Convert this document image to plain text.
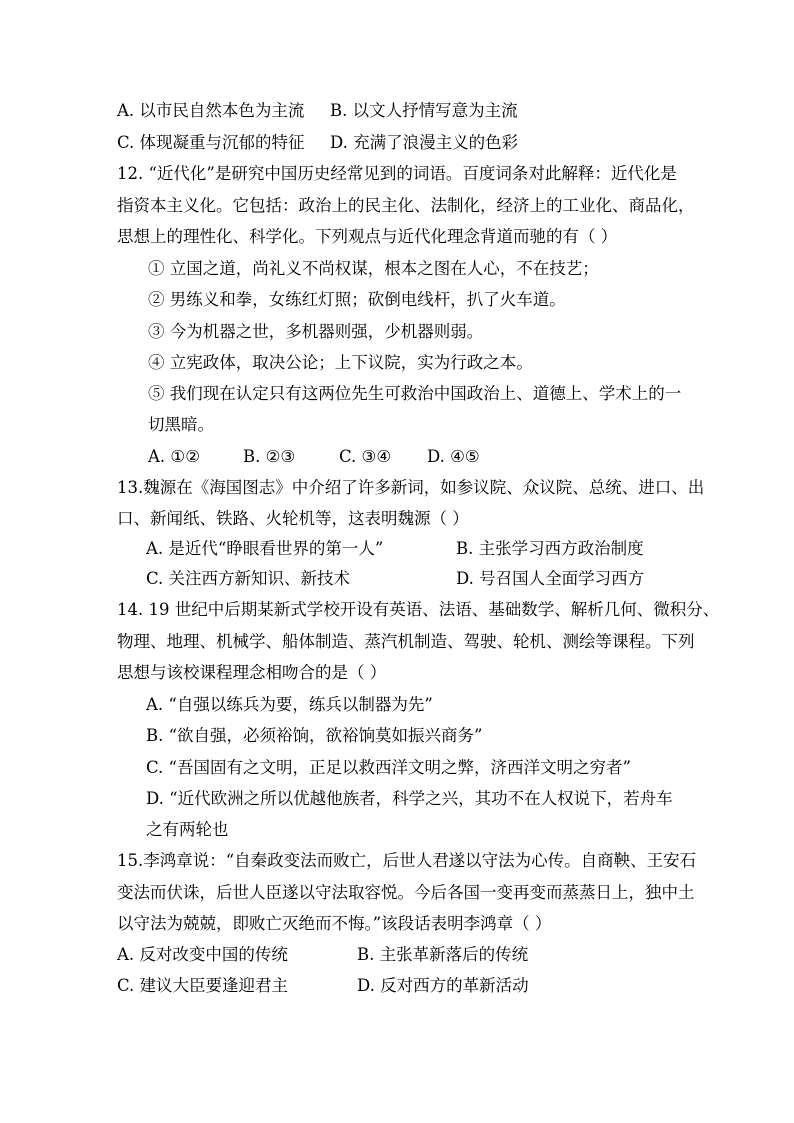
A. 以市民自然本色为主流 B. 以文人抒情写意为主流
C. 体现凝重与沉郁的特征 D. 充满了浪漫主义的色彩
12. “近代化”是研究中国历史经常见到的词语。百度词条对此解释：近代化是
指资本主义化。它包括：政治上的民主化、法制化，经济上的工业化、商品化，
思想上的理性化、科学化。下列观点与近代化理念背道而驰的有（ ）
① 立国之道，尚礼义不尚权谋，根本之图在人心，不在技艺；
② 男练义和拳，女练红灯照；砍倒电线杆，扒了火车道。
③ 今为机器之世，多机器则强，少机器则弱。
④ 立宪政体，取决公论；上下议院，实为行政之本。
⑤ 我们现在认定只有这两位先生可救治中国政治上、道德上、学术上的一
切黑暗。
A. ①②	B. ②③	C. ③④ D. ④⑤
13.魏源在《海国图志》中介绍了许多新词，如参议院、众议院、总统、进口、出
口、新闻纸、铁路、火轮机等，这表明魏源（ ）
A. 是近代“睁眼看世界的第一人”	B. 主张学习西方政治制度
C. 关注西方新知识、新技术	D. 号召国人全面学习西方
14. 19 世纪中后期某新式学校开设有英语、法语、基础数学、解析几何、微积分、
物理、地理、机械学、船体制造、蒸汽机制造、驾驶、轮机、测绘等课程。下列
思想与该校课程理念相吻合的是（ ）
A. “自强以练兵为要，练兵以制器为先”
B. “欲自强，必须裕饷，欲裕饷莫如振兴商务”
C. “吾国固有之文明，正足以救西洋文明之弊，济西洋文明之穷者”
D. “近代欧洲之所以优越他族者，科学之兴，其功不在人权说下，若舟车
之有两轮也
15.李鸿章说：“自秦政变法而败亡，后世人君遂以守法为心传。自商鞅、王安石
变法而伏诛，后世人臣遂以守法取容悦。今后各国一变再变而蒸蒸日上，独中土
以守法为兢兢，即败亡灭绝而不悔。”该段话表明李鸿章（ ）
A. 反对改变中国的传统	B. 主张革新落后的传统
C. 建议大臣要逢迎君主	D. 反对西方的革新活动
